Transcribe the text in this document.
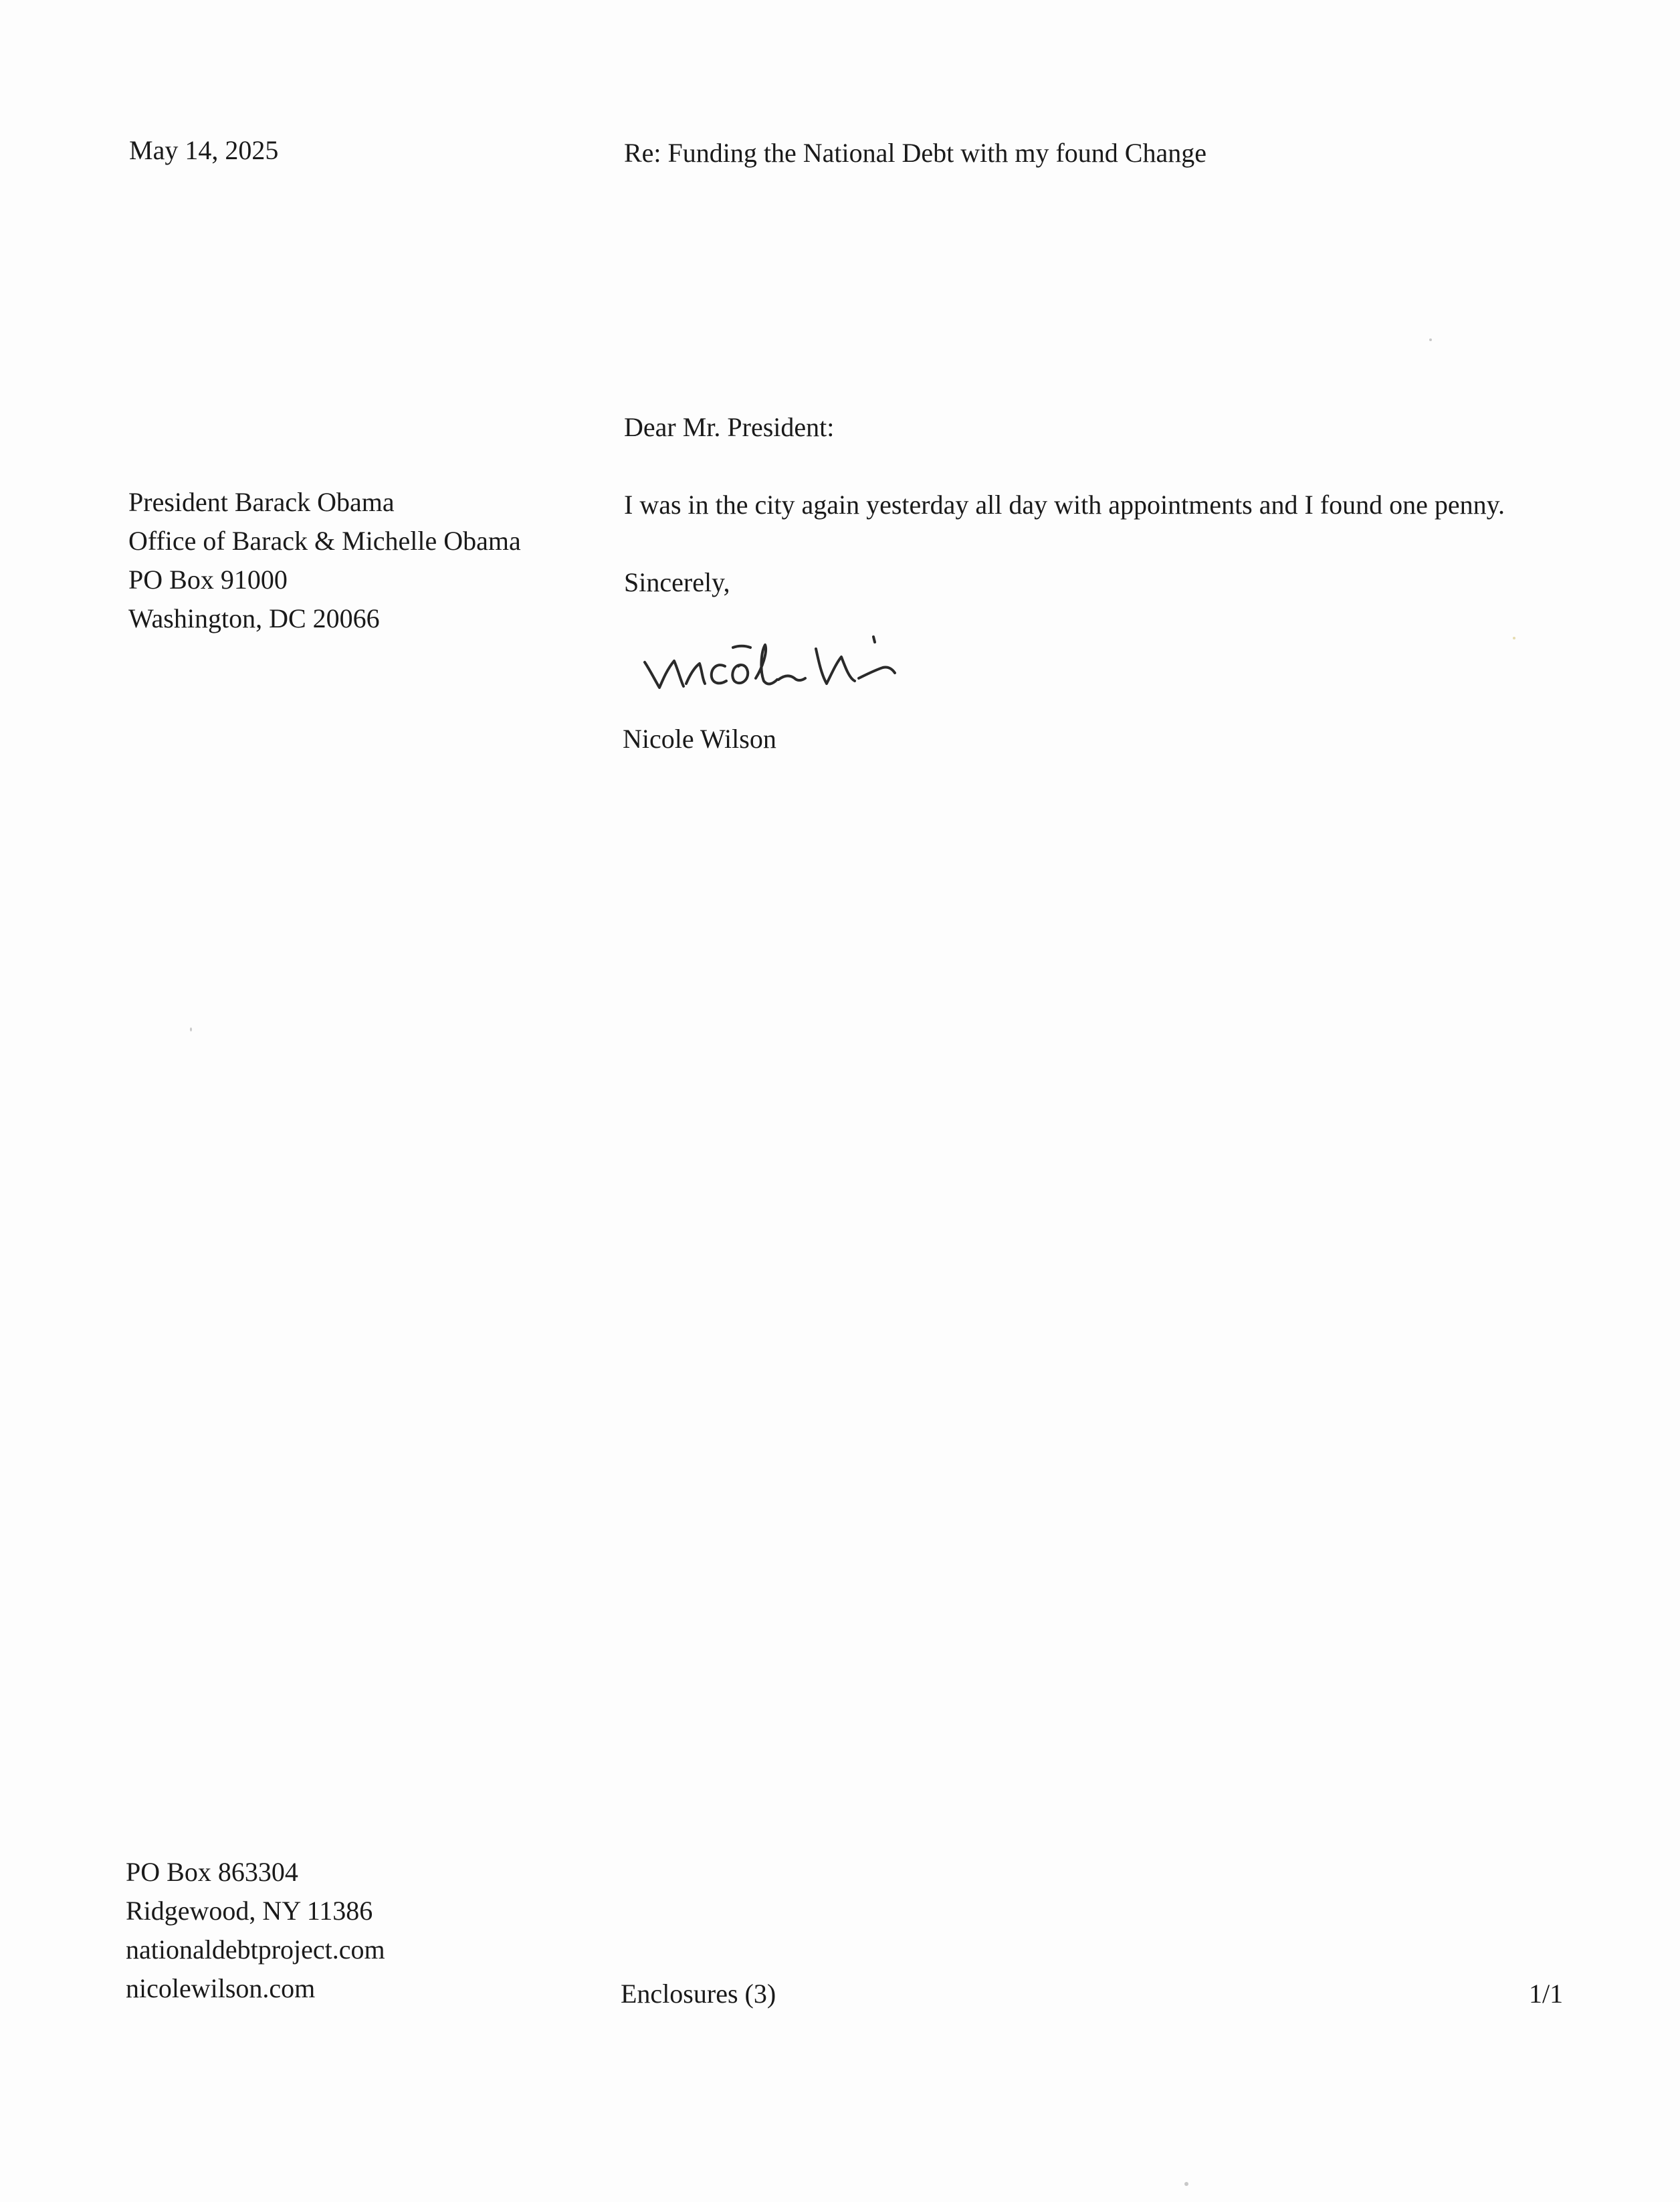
May 14, 2025	Re: Funding the National Debt with my found Change
Dear Mr. President:
President Barack Obama
Office of Barack & Michelle Obama
PO Box 91000
Washington, DC 20066
I was in the city again yesterday all day with appointments and I found one penny.
Sincerely,
Nicole Wilson
PO Box 863304
Ridgewood, NY 11386
nationaldebtproject.com
nicolewilson.com	Enclosures (3)	1/1
